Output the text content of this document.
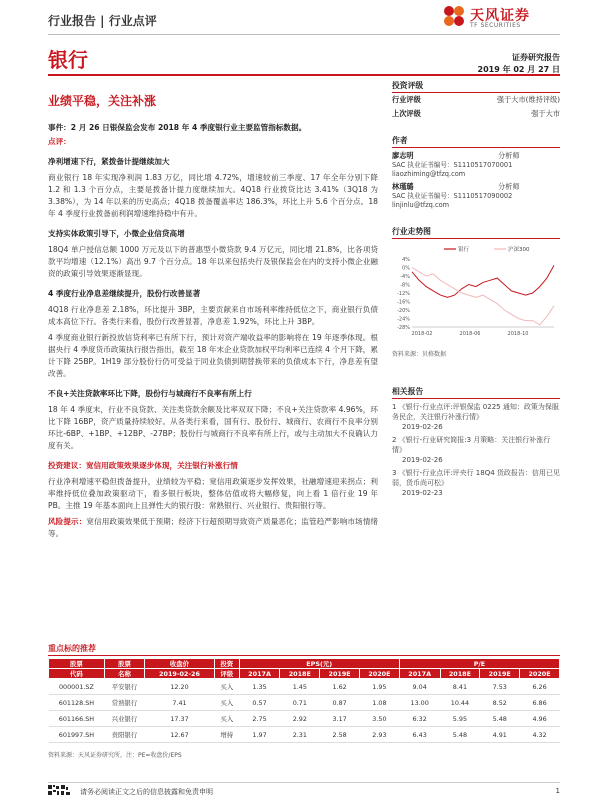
行业报告 | 行业点评	天风证券
TF SECURITIES
银行	证券研究报告
2019 年 02 月 27 日
业绩平稳，关注补涨

事件：2 月 26 日银保监会发布 2018 年 4 季度银行业主要监管指标数据。

点评：

净利增速下行，紧拨备计提继续加大

商业银行 18 年实现净利润 1.83 万亿，同比增 4.72%，增速较前三季度、17 年全年分别下降 1.2 和 1.3 个百分点，主要是拨备计提力度继续加大。4Q18 行业拨贷比达 3.41%（3Q18 为 3.38%），为 14 年以来的历史高点；4Q18 拨备覆盖率达 186.3%，环比上升 5.6 个百分点。18 年 4 季度行业拨备前利润增速维持稳中有升。

支持实体政策引导下，小微企业信贷高增

18Q4 单户授信总额 1000 万元及以下的普惠型小微贷款 9.4 万亿元，同比增 21.8%，比各项贷款平均增速（12.1%）高出 9.7 个百分点。18 年以来包括央行及银保监会在内的支持小微企业融资的政策引导效果逐渐显现。

4 季度行业净息差继续提升，股份行改善显著

4Q18 行业净息差 2.18%，环比提升 3BP，主要贡献来自市场利率维持低位之下，商业银行负债成本高位下行。各类行来看，股份行改善显著，净息差 1.92%，环比上升 3BP。

4 季度商业银行新投放信贷利率已有所下行，预计对资产端收益率的影响将在 19 年逐季体现。根据央行 4 季度货币政策执行报告指出，截至 18 年末企业贷款加权平均利率已连续 4 个月下降，累计下降 25BP。1H19 部分股份行仍可受益于同业负债到期替换带来的负债成本下行，净息差有望改善。

不良+关注贷款率环比下降，股份行与城商行不良率有所上行

18 年 4 季度末，行业不良贷款、关注类贷款余额及比率双双下降；不良+关注贷款率 4.96%，环比下降 16BP，资产质量持续较好。从各类行来看，国有行、股份行、城商行、农商行不良率分别环比-6BP、+1BP、+12BP、-27BP；股份行与城商行不良率有所上行，或与主动加大不良确认力度有关。

投资建议：宽信用政策效果逐步体现，关注银行补涨行情

行业净利增速平稳但拨备提升，业绩较为平稳；宽信用政策逐步发挥效果，社融增速迎来拐点；利率维持低位叠加政策驱动下，看多银行板块，整体估值或将大幅修复，向上看 1 倍行业 19 年 PB。主推 19 年基本面向上且弹性大的银行股：常熟银行、兴业银行、贵阳银行等。

风险提示：宽信用政策效果低于预期；经济下行超预期导致资产质量恶化；监管趋严影响市场情绪等。

投资评级
行业评级	强于大市(维持评级)
上次评级	强于大市
作者
廖志明	分析师
SAC 执业证书编号：S1110517070001
liaozhiming@tfzq.com
林瑾璐	分析师
SAC 执业证书编号：S1110517090002
linjinlu@tfzq.com
行业走势图
4%
0%
-4%
-8%
-12%
-16%
-20%
-24%
-28%
2018-02	2018-06	2018-10
银行	沪深300
资料来源：贝格数据
相关报告
1 《银行-行业点评:评银保监 0225 通知：政策为保服务民企，关注银行补涨行情》
2019-02-26
2 《银行-行业研究简报:3 月策略：关注银行补涨行情》
2019-02-26
3 《银行-行业点评:评央行 18Q4 货政报告：信用已见弱，货币尚可松》
2019-02-23
重点标的推荐
股票	股票	收盘价	投资	EPS(元)				P/E			
代码	名称	2019-02-26	评级	2017A	2018E	2019E	2020E	2017A	2018E	2019E	2020E
000001.SZ	平安银行	12.20	买入	1.35	1.45	1.62	1.95	9.04	8.41	7.53	6.26
601128.SH	常熟银行	7.41	买入	0.57	0.71	0.87	1.08	13.00	10.44	8.52	6.86
601166.SH	兴业银行	17.37	买入	2.75	2.92	3.17	3.50	6.32	5.95	5.48	4.96
601997.SH	贵阳银行	12.67	增持	1.97	2.31	2.58	2.93	6.43	5.48	4.91	4.32
资料来源：天风证券研究所，注：PE=收盘价/EPS
请务必阅读正文之后的信息披露和免责申明	1
